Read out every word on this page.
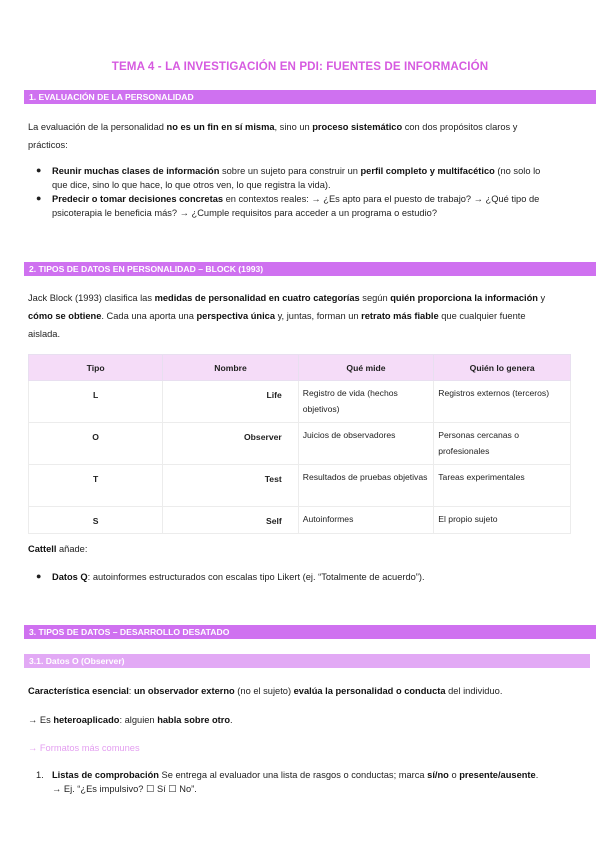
TEMA 4 - LA INVESTIGACIÓN EN PDI: FUENTES DE INFORMACIÓN
1. EVALUACIÓN DE LA PERSONALIDAD
La evaluación de la personalidad no es un fin en sí misma, sino un proceso sistemático con dos propósitos claros y
prácticos:
●	Reunir muchas clases de información sobre un sujeto para construir un perfil completo y multifacético (no solo lo
que dice, sino lo que hace, lo que otros ven, lo que registra la vida).
●	Predecir o tomar decisiones concretas en contextos reales: → ¿Es apto para el puesto de trabajo? → ¿Qué tipo de
psicoterapia le beneficia más? → ¿Cumple requisitos para acceder a un programa o estudio?
2. TIPOS DE DATOS EN PERSONALIDAD – BLOCK (1993)
Jack Block (1993) clasifica las medidas de personalidad en cuatro categorías según quién proporciona la información y
cómo se obtiene. Cada una aporta una perspectiva única y, juntas, forman un retrato más fiable que cualquier fuente
aislada.
Tipo	Nombre	Qué mide	Quién lo genera
L	Life	Registro de vida (hechos objetivos)	Registros externos (terceros)
O	Observer	Juicios de observadores	Personas cercanas o profesionales
T	Test	Resultados de pruebas objetivas	Tareas experimentales
S	Self	Autoinformes	El propio sujeto
Cattell añade:
●	Datos Q: autoinformes estructurados con escalas tipo Likert (ej. “Totalmente de acuerdo”).
3. TIPOS DE DATOS – DESARROLLO DESATADO
3.1. Datos O (Observer)
Característica esencial: un observador externo (no el sujeto) evalúa la personalidad o conducta del individuo.
→ Es heteroaplicado: alguien habla sobre otro.
→ Formatos más comunes
1. Listas de comprobación Se entrega al evaluador una lista de rasgos o conductas; marca sí/no o presente/ausente.
→ Ej. “¿Es impulsivo? ☐ Sí ☐ No”.
